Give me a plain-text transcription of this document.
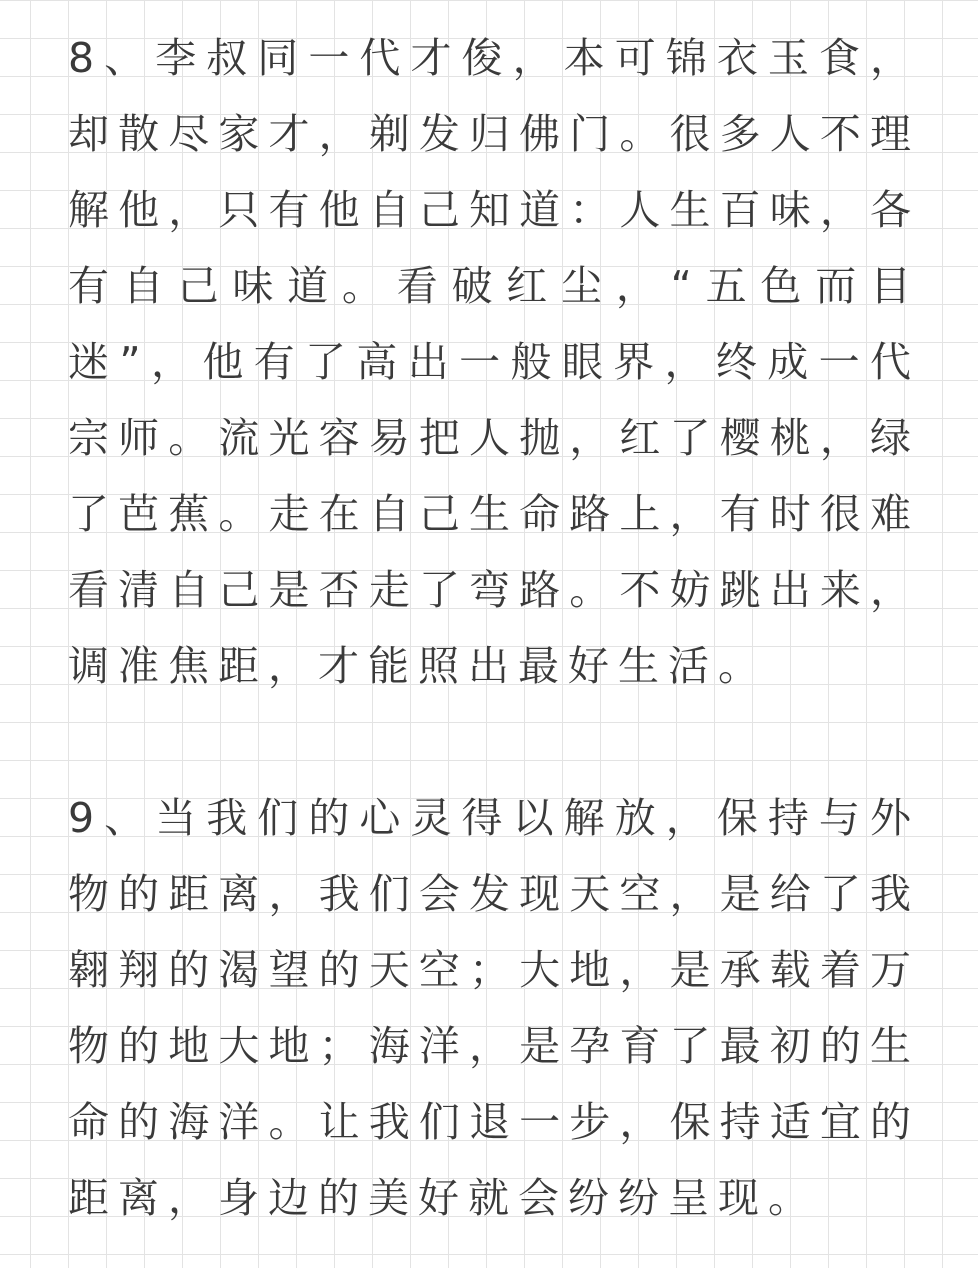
8、李叔同一代才俊，本可锦衣玉食，却散尽家才，剃发归佛门。很多人不理解他，只有他自己知道：人生百味，各有自己味道。看破红尘，“五色而目迷”，他有了高出一般眼界，终成一代宗师。流光容易把人抛，红了樱桃，绿了芭蕉。走在自己生命路上，有时很难看清自己是否走了弯路。不妨跳出来，调准焦距，才能照出最好生活。

9、当我们的心灵得以解放，保持与外物的距离，我们会发现天空，是给了我翱翔的渴望的天空；大地，是承载着万物的地大地；海洋，是孕育了最初的生命的海洋。让我们退一步，保持适宜的距离，身边的美好就会纷纷呈现。
